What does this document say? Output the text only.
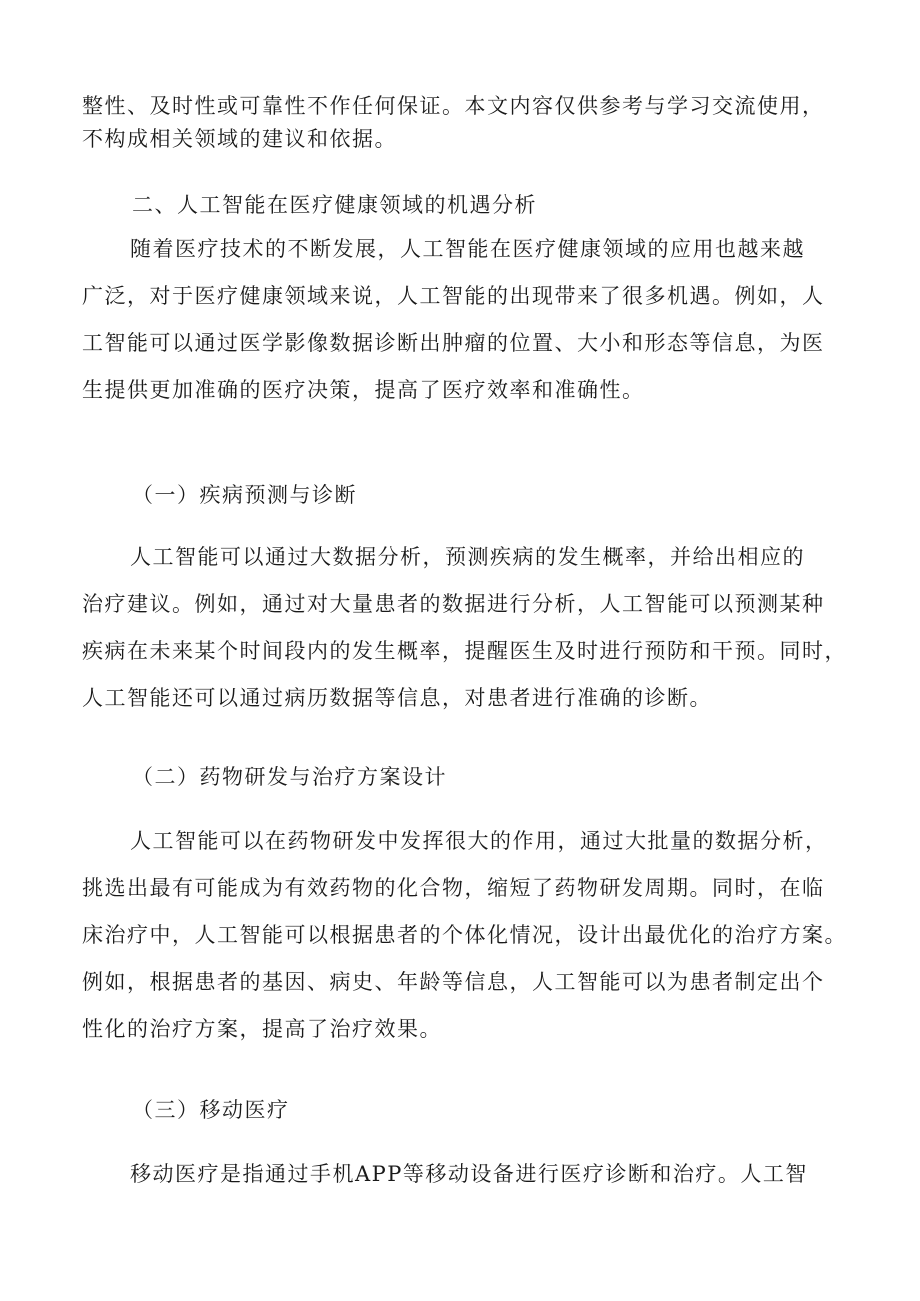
整性、及时性或可靠性不作任何保证。本文内容仅供参考与学习交流使用，
不构成相关领域的建议和依据。

二、人工智能在医疗健康领域的机遇分析

随着医疗技术的不断发展，人工智能在医疗健康领域的应用也越来越
广泛，对于医疗健康领域来说，人工智能的出现带来了很多机遇。例如，人
工智能可以通过医学影像数据诊断出肿瘤的位置、大小和形态等信息，为医
生提供更加准确的医疗决策，提高了医疗效率和准确性。

（一）疾病预测与诊断

人工智能可以通过大数据分析，预测疾病的发生概率，并给出相应的
治疗建议。例如，通过对大量患者的数据进行分析，人工智能可以预测某种
疾病在未来某个时间段内的发生概率，提醒医生及时进行预防和干预。同时，
人工智能还可以通过病历数据等信息，对患者进行准确的诊断。

（二）药物研发与治疗方案设计

人工智能可以在药物研发中发挥很大的作用，通过大批量的数据分析，
挑选出最有可能成为有效药物的化合物，缩短了药物研发周期。同时，在临
床治疗中，人工智能可以根据患者的个体化情况，设计出最优化的治疗方案。
例如，根据患者的基因、病史、年龄等信息，人工智能可以为患者制定出个
性化的治疗方案，提高了治疗效果。

（三）移动医疗

移动医疗是指通过手机APP等移动设备进行医疗诊断和治疗。人工智
